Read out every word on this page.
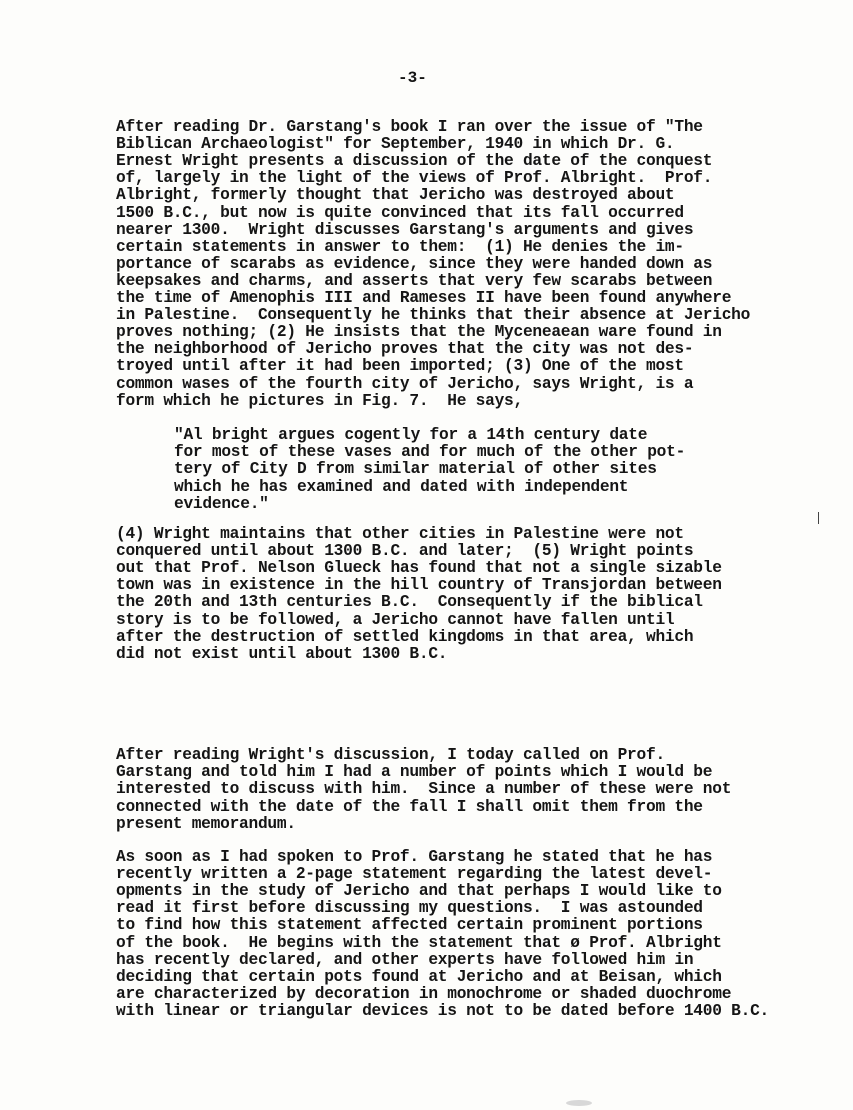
-3-
After reading Dr. Garstang's book I ran over the issue of "The
Biblican Archaeologist" for September, 1940 in which Dr. G.
Ernest Wright presents a discussion of the date of the conquest
of, largely in the light of the views of Prof. Albright.  Prof.
Albright, formerly thought that Jericho was destroyed about
1500 B.C., but now is quite convinced that its fall occurred
nearer 1300.  Wright discusses Garstang's arguments and gives
certain statements in answer to them:  (1) He denies the im-
portance of scarabs as evidence, since they were handed down as
keepsakes and charms, and asserts that very few scarabs between
the time of Amenophis III and Rameses II have been found anywhere
in Palestine.  Consequently he thinks that their absence at Jericho
proves nothing; (2) He insists that the Myceneaean ware found in
the neighborhood of Jericho proves that the city was not des-
troyed until after it had been imported; (3) One of the most
common wases of the fourth city of Jericho, says Wright, is a
form which he pictures in Fig. 7.  He says,
"Al bright argues cogently for a 14th century date
for most of these vases and for much of the other pot-
tery of City D from similar material of other sites
which he has examined and dated with independent
evidence."
(4) Wright maintains that other cities in Palestine were not
conquered until about 1300 B.C. and later;  (5) Wright points
out that Prof. Nelson Glueck has found that not a single sizable
town was in existence in the hill country of Transjordan between
the 20th and 13th centuries B.C.  Consequently if the biblical
story is to be followed, a Jericho cannot have fallen until
after the destruction of settled kingdoms in that area, which
did not exist until about 1300 B.C.
After reading Wright's discussion, I today called on Prof.
Garstang and told him I had a number of points which I would be
interested to discuss with him.  Since a number of these were not
connected with the date of the fall I shall omit them from the
present memorandum.
As soon as I had spoken to Prof. Garstang he stated that he has
recently written a 2-page statement regarding the latest devel-
opments in the study of Jericho and that perhaps I would like to
read it first before discussing my questions.  I was astounded
to find how this statement affected certain prominent portions
of the book.  He begins with the statement that ø Prof. Albright
has recently declared, and other experts have followed him in
deciding that certain pots found at Jericho and at Beisan, which
are characterized by decoration in monochrome or shaded duochrome
with linear or triangular devices is not to be dated before 1400 B.C.
